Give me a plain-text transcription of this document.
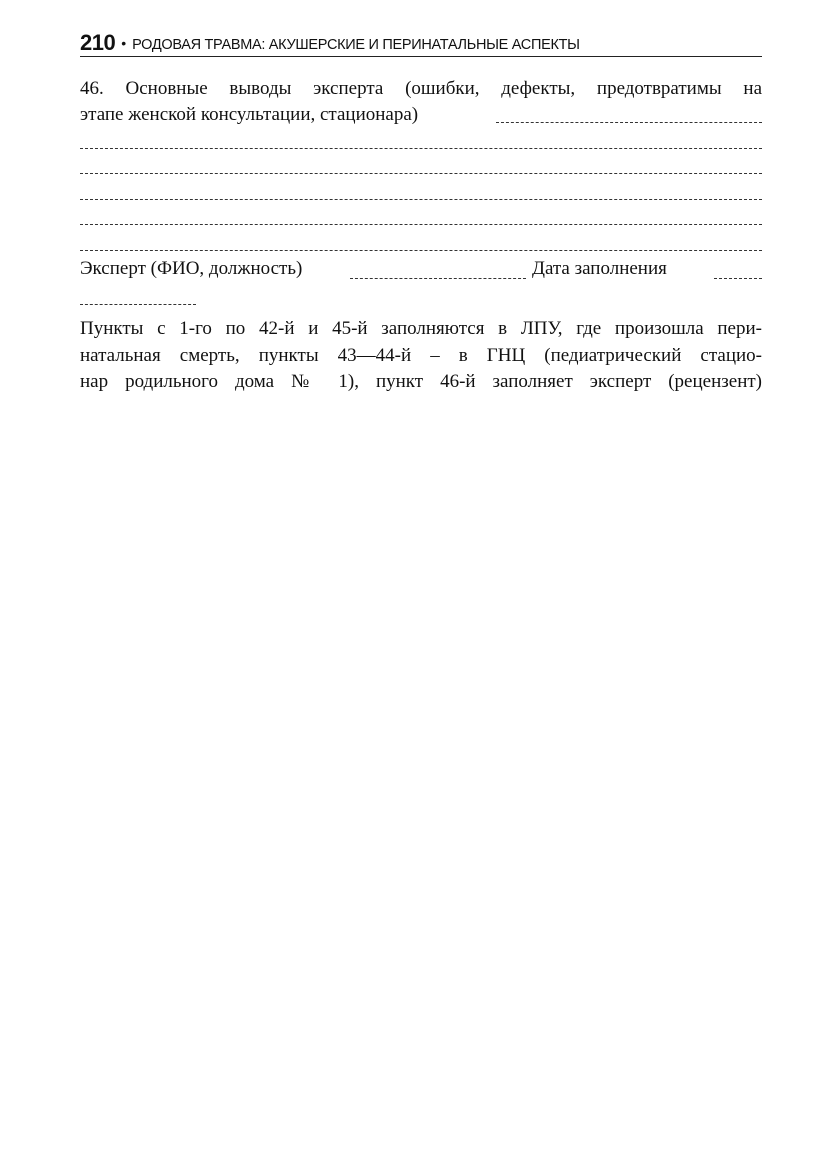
210 • РОДОВАЯ ТРАВМА: АКУШЕРСКИЕ И ПЕРИНАТАЛЬНЫЕ АСПЕКТЫ
46. Основные выводы эксперта (ошибки, дефекты, предотвратимы на
этапе женской консультации, стационара)
Эксперт (ФИО, должность)	Дата заполнения
Пункты с 1-го по 42-й и 45-й заполняются в ЛПУ, где произошла пери-
натальная смерть, пункты 43—44-й – в ГНЦ (педиатрический стацио-
нар родильного дома № 1), пункт 46-й заполняет эксперт (рецензент)
